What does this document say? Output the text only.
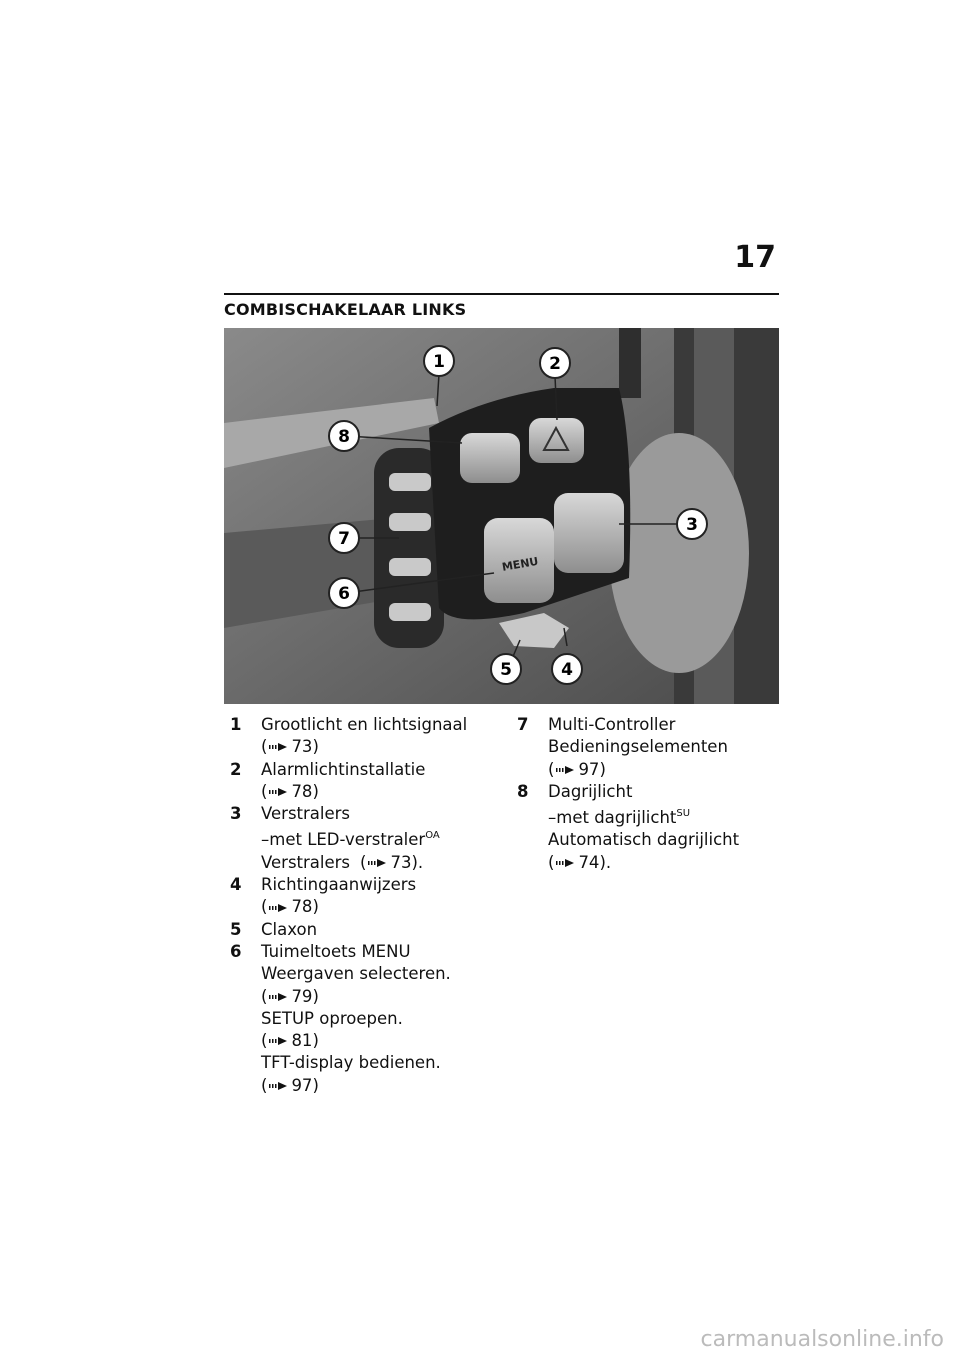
17
COMBISCHAKELAAR LINKS
MENU
1	2
3
4
5
6
7
8
1 Grootlicht en lichtsignaal
( 73 )
2 Alarmlichtinstallatie
( 78 )
3 Verstralers
–met LED-verstraler$^{OA}$
Verstralers ( 73 ).
4 Richtingaanwijzers
( 78 )
5 Claxon
6 Tuimeltoets MENU
Weergaven selecteren.
( 79 )
SETUP oproepen.
( 81 )
TFT-display bedienen.
( 97 )
7 Multi-Controller
Bedieningselementen
( 97 )
8 Dagrijlicht
–met dagrijlicht$^{SU}$
Automatisch dagrijlicht
( 74 ).
carmanualsonline.info
